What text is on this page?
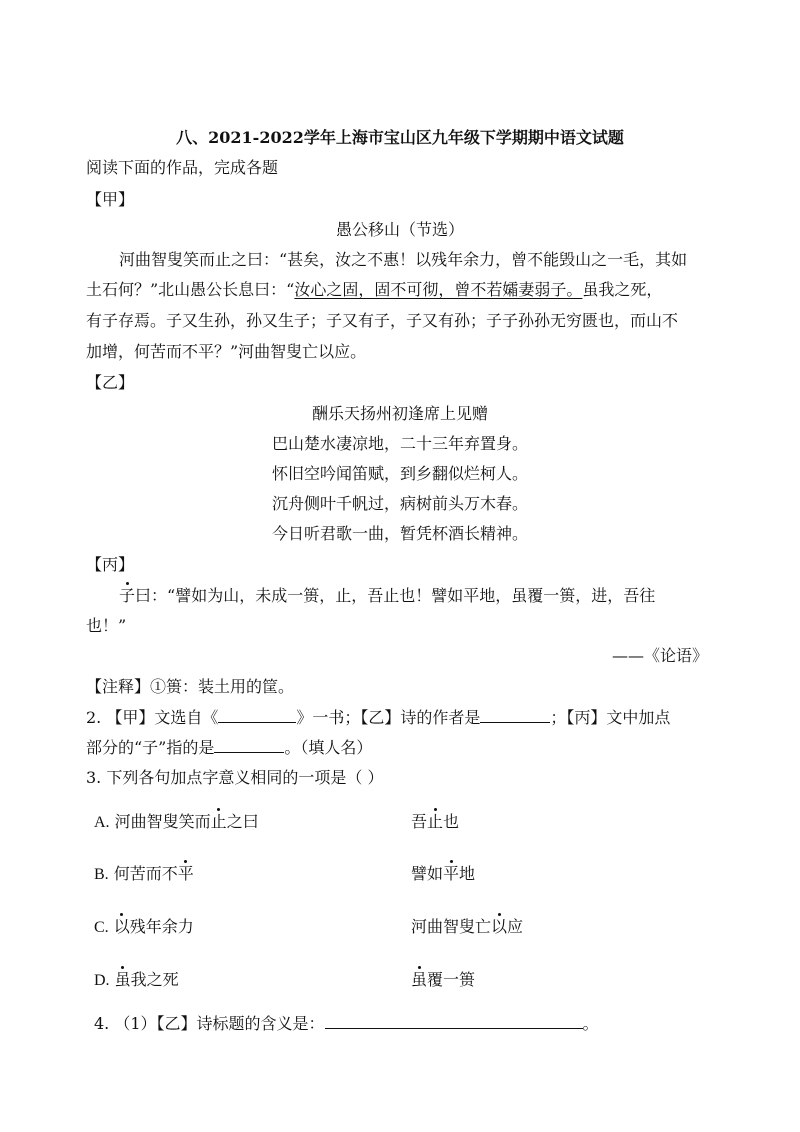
八、2021-2022学年上海市宝山区九年级下学期期中语文试题
阅读下面的作品，完成各题
【甲】
愚公移山（节选）
河曲智叟笑而止之曰：“甚矣，汝之不惠！以残年余力，曾不能毁山之一毛，其如
土石何？”北山愚公长息曰：“汝心之固，固不可彻，曾不若孀妻弱子。虽我之死，
有子存焉。子又生孙，孙又生子；子又有子，子又有孙；子子孙孙无穷匮也，而山不
加增，何苦而不平？”河曲智叟亡以应。
【乙】
酬乐天扬州初逢席上见赠
巴山楚水凄凉地，二十三年弃置身。
怀旧空吟闻笛赋，到乡翻似烂柯人。
沉舟侧叶千帆过，病树前头万木春。
今日听君歌一曲，暂凭杯酒长精神。
【丙】
子曰：“譬如为山，未成一篑，止，吾止也！譬如平地，虽覆一篑，进，吾往
也！”
——《论语》
【注释】①篑：装土用的筐。
2. 【甲】文选自《	》一书；【乙】诗的作者是	；【丙】文中加点
部分的“子”指的是	。（填人名）
3. 下列各句加点字意义相同的一项是（ ）
A. 河曲智叟笑而止之曰	吾止也
B. 何苦而不平	譬如平地
C. 以残年余力	河曲智叟亡以应
D. 虽我之死	虽覆一篑
4. （1）【乙】诗标题的含义是：	。
